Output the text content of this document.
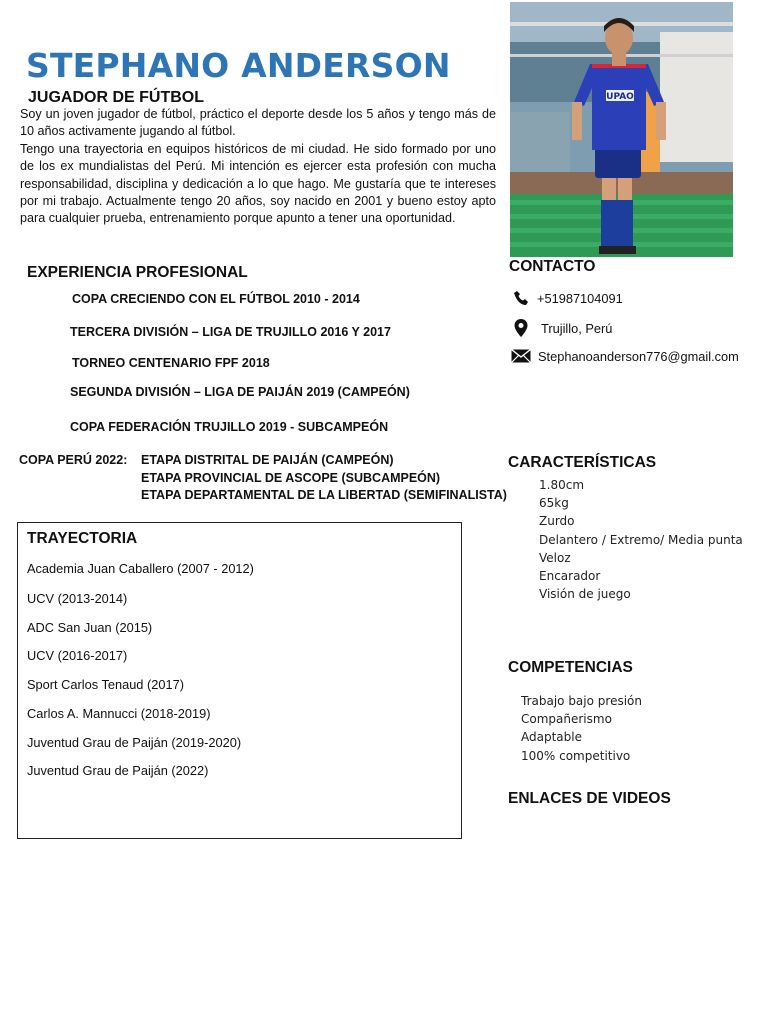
STEPHANO ANDERSON
JUGADOR DE FÚTBOL

Soy un joven jugador de fútbol, práctico el deporte desde los 5 años y tengo más de 10 años activamente jugando al fútbol.

Tengo una trayectoria en equipos históricos de mi ciudad. He sido formado por uno de los ex mundialistas del Perú. Mi intención es ejercer esta profesión con mucha responsabilidad, disciplina y dedicación a lo que hago. Me gustaría que te intereses por mi trabajo. Actualmente tengo 20 años, soy nacido en 2001 y bueno estoy apto para cualquier prueba, entrenamiento porque apunto a tener una oportunidad.

UPAO
EXPERIENCIA PROFESIONAL
COPA CRECIENDO CON EL FÚTBOL 2010 - 2014
TERCERA DIVISIÓN – LIGA DE TRUJILLO 2016 Y 2017
TORNEO CENTENARIO FPF 2018
SEGUNDA DIVISIÓN – LIGA DE PAIJÁN 2019 (CAMPEÓN)
COPA FEDERACIÓN TRUJILLO 2019 - SUBCAMPEÓN
COPA PERÚ 2022: ETAPA DISTRITAL DE PAIJÁN (CAMPEÓN)
ETAPA PROVINCIAL DE ASCOPE (SUBCAMPEÓN)
ETAPA DEPARTAMENTAL DE LA LIBERTAD (SEMIFINALISTA)
TRAYECTORIA
Academia Juan Caballero (2007 - 2012)
UCV (2013-2014)
ADC San Juan (2015)
UCV (2016-2017)
Sport Carlos Tenaud (2017)
Carlos A. Mannucci (2018-2019)
Juventud Grau de Paiján (2019-2020)
Juventud Grau de Paiján (2022)
CONTACTO
+51987104091
Trujillo, Perú
Stephanoanderson776@gmail.com
CARACTERÍSTICAS
1.80cm
65kg
Zurdo
Delantero / Extremo/ Media punta
Veloz
Encarador
Visión de juego
COMPETENCIAS
Trabajo bajo presión
Compañerismo
Adaptable
100% competitivo
ENLACES DE VIDEOS
